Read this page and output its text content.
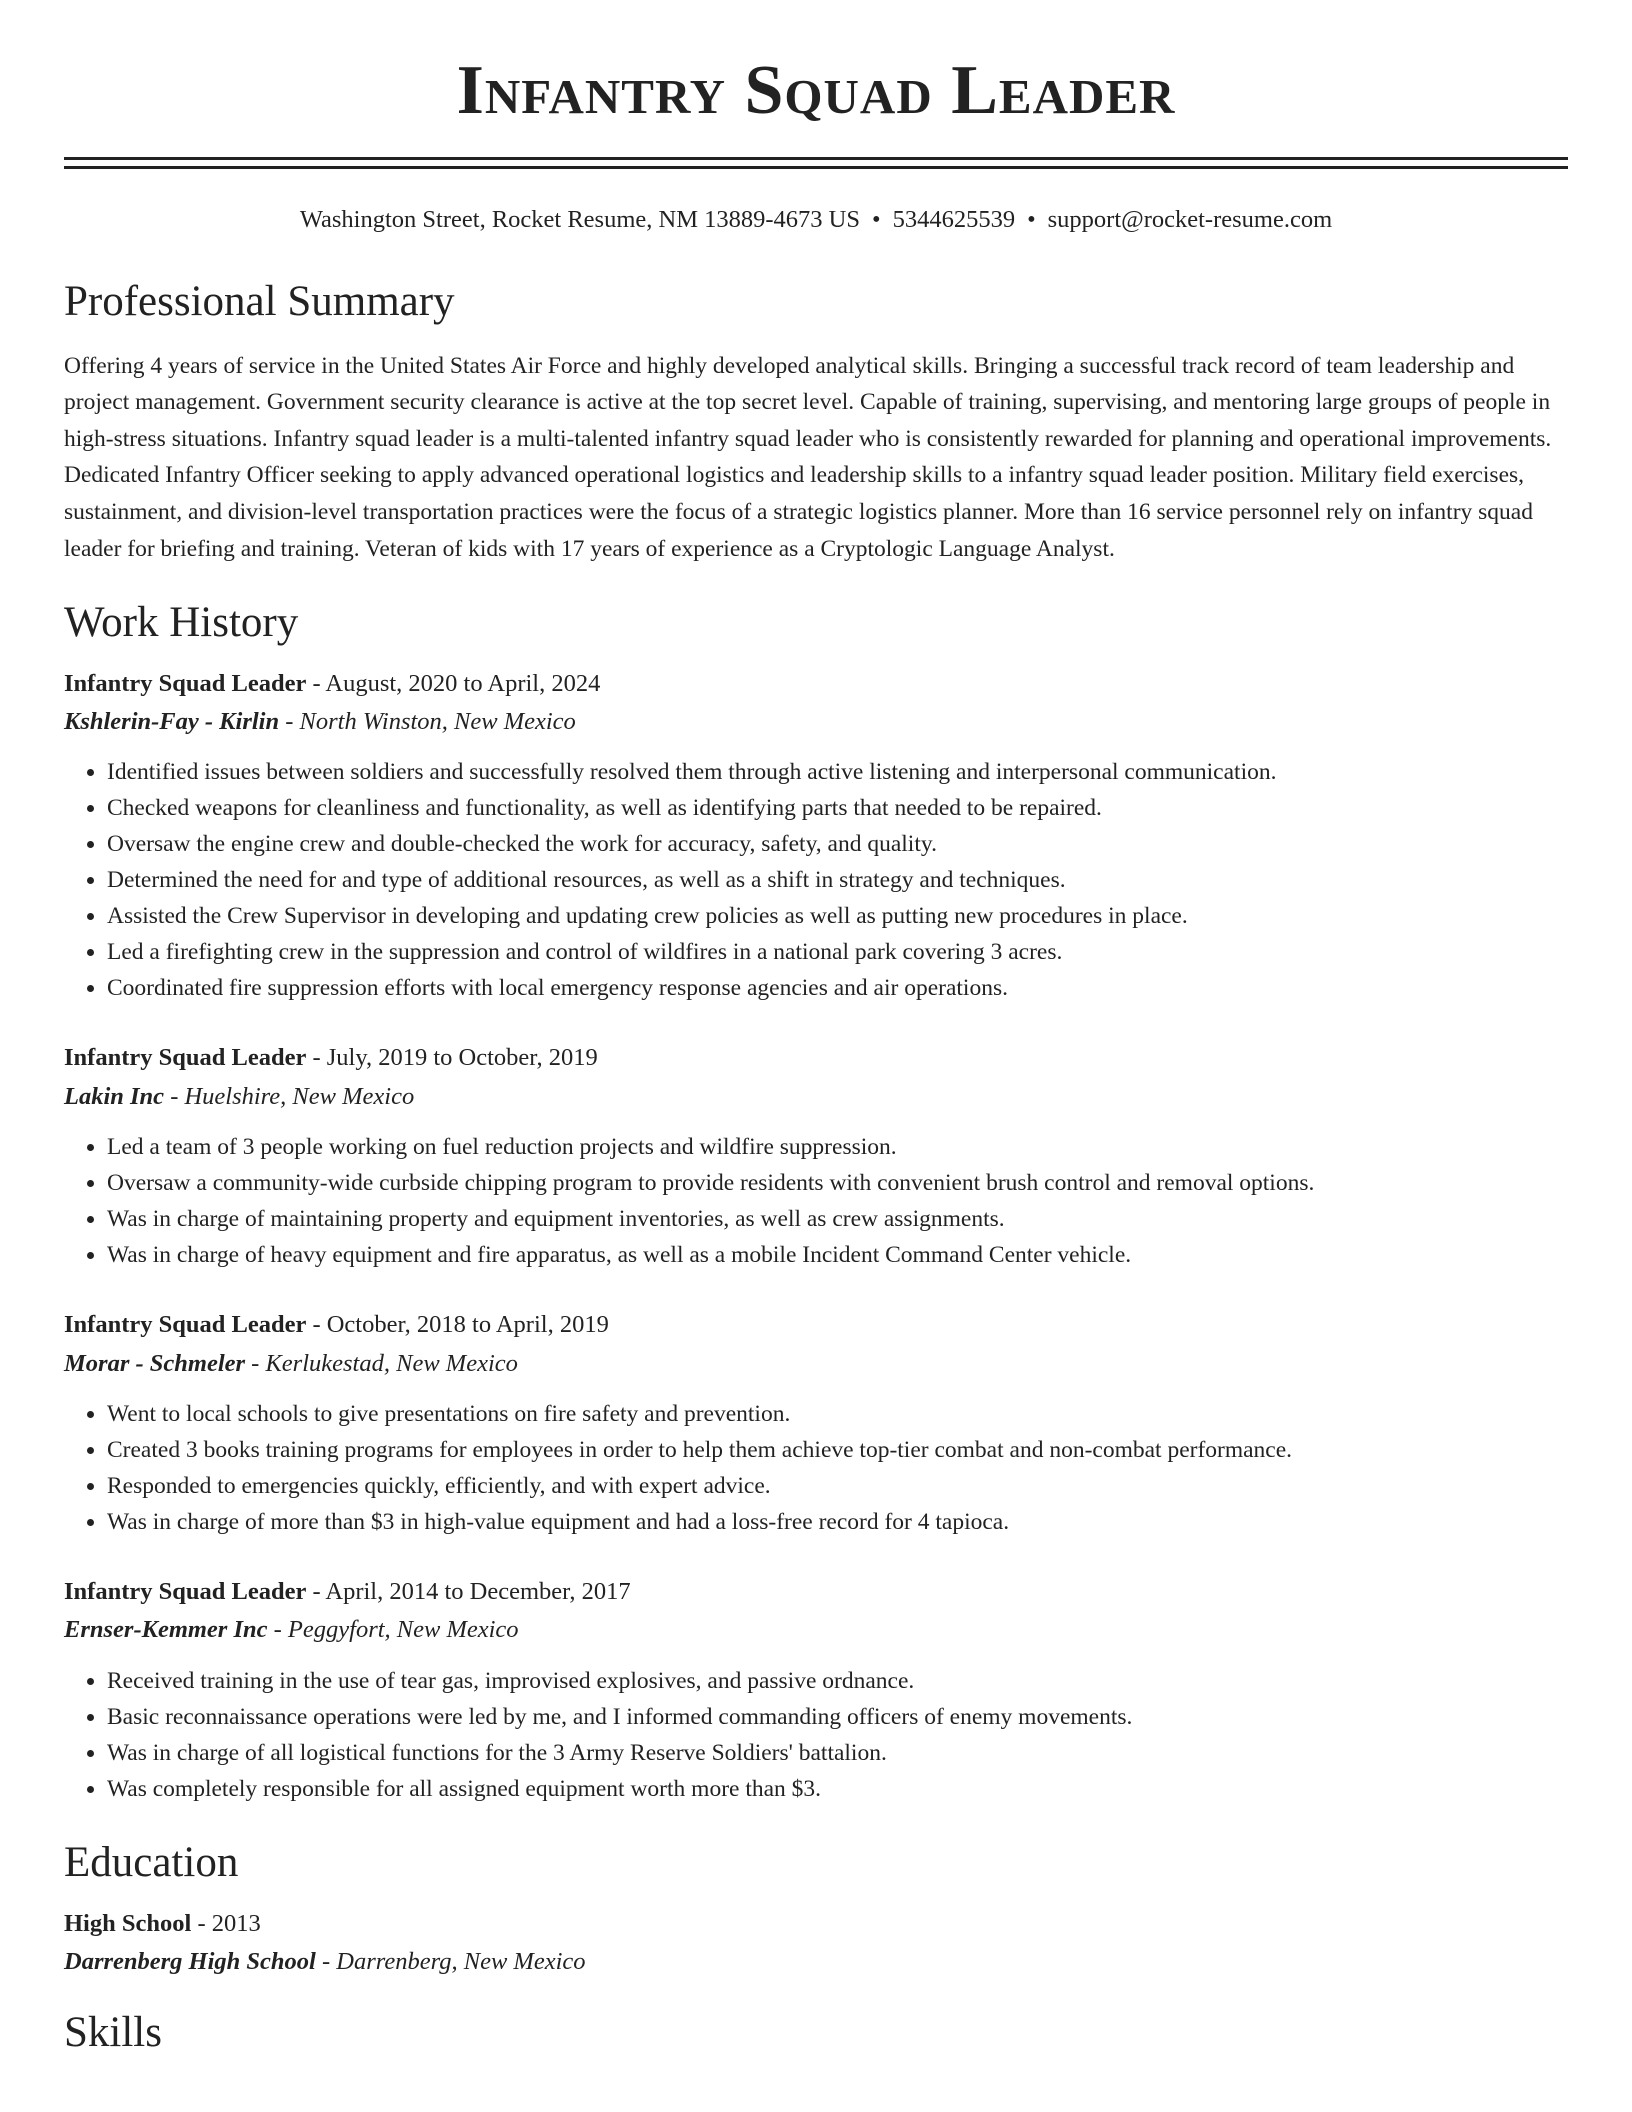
Infantry Squad Leader
Washington Street, Rocket Resume, NM 13889-4673 US • 5344625539 • support@rocket-resume.com
Professional Summary
Offering 4 years of service in the United States Air Force and highly developed analytical skills. Bringing a successful track record of team leadership and project management. Government security clearance is active at the top secret level. Capable of training, supervising, and mentoring large groups of people in high-stress situations. Infantry squad leader is a multi-talented infantry squad leader who is consistently rewarded for planning and operational improvements. Dedicated Infantry Officer seeking to apply advanced operational logistics and leadership skills to a infantry squad leader position. Military field exercises, sustainment, and division-level transportation practices were the focus of a strategic logistics planner. More than 16 service personnel rely on infantry squad leader for briefing and training. Veteran of kids with 17 years of experience as a Cryptologic Language Analyst.
Work History
Infantry Squad Leader - August, 2020 to April, 2024
Kshlerin-Fay - Kirlin - North Winston, New Mexico
• Identified issues between soldiers and successfully resolved them through active listening and interpersonal communication.
• Checked weapons for cleanliness and functionality, as well as identifying parts that needed to be repaired.
• Oversaw the engine crew and double-checked the work for accuracy, safety, and quality.
• Determined the need for and type of additional resources, as well as a shift in strategy and techniques.
• Assisted the Crew Supervisor in developing and updating crew policies as well as putting new procedures in place.
• Led a firefighting crew in the suppression and control of wildfires in a national park covering 3 acres.
• Coordinated fire suppression efforts with local emergency response agencies and air operations.
Infantry Squad Leader - July, 2019 to October, 2019
Lakin Inc - Huelshire, New Mexico
• Led a team of 3 people working on fuel reduction projects and wildfire suppression.
• Oversaw a community-wide curbside chipping program to provide residents with convenient brush control and removal options.
• Was in charge of maintaining property and equipment inventories, as well as crew assignments.
• Was in charge of heavy equipment and fire apparatus, as well as a mobile Incident Command Center vehicle.
Infantry Squad Leader - October, 2018 to April, 2019
Morar - Schmeler - Kerlukestad, New Mexico
• Went to local schools to give presentations on fire safety and prevention.
• Created 3 books training programs for employees in order to help them achieve top-tier combat and non-combat performance.
• Responded to emergencies quickly, efficiently, and with expert advice.
• Was in charge of more than $3 in high-value equipment and had a loss-free record for 4 tapioca.
Infantry Squad Leader - April, 2014 to December, 2017
Ernser-Kemmer Inc - Peggyfort, New Mexico
• Received training in the use of tear gas, improvised explosives, and passive ordnance.
• Basic reconnaissance operations were led by me, and I informed commanding officers of enemy movements.
• Was in charge of all logistical functions for the 3 Army Reserve Soldiers' battalion.
• Was completely responsible for all assigned equipment worth more than $3.
Education
High School - 2013
Darrenberg High School - Darrenberg, New Mexico
Skills
